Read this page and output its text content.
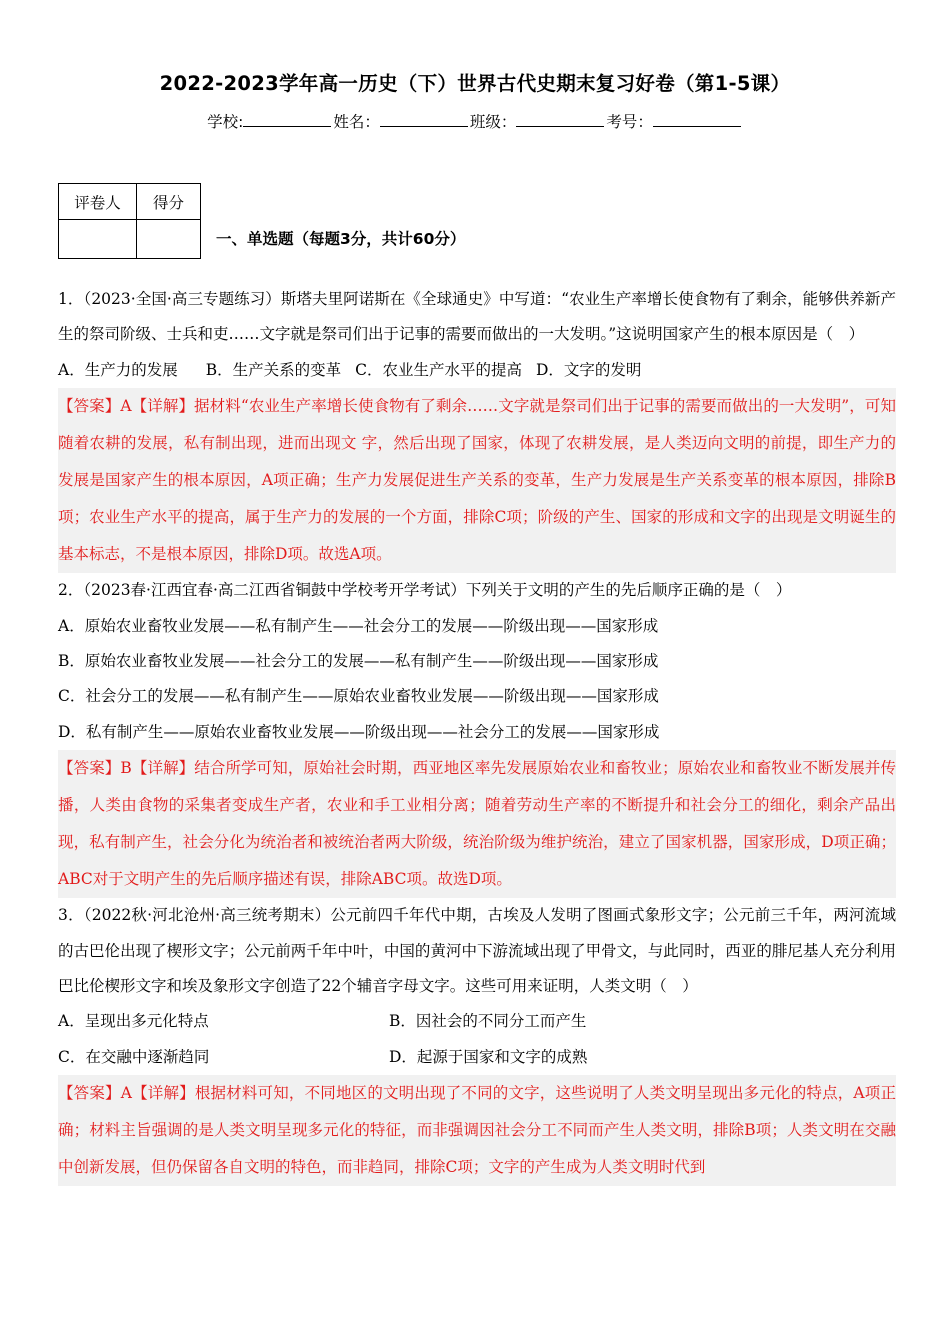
2022-2023学年高一历史（下）世界古代史期末复习好卷（第1-5课）
学校:	姓名：	班级：	考号：
评卷人	得分

一、单选题（每题3分，共计60分）

1．（2023·全国·高三专题练习）斯塔夫里阿诺斯在《全球通史》中写道：“农业生产率增长使食物有了剩余，能够供养新产生的祭司阶级、士兵和吏……文字就是祭司们出于记事的需要而做出的一大发明。”这说明国家产生的根本原因是（　）

A．生产力的发展 B．生产关系的变革 C．农业生产水平的提高 D．文字的发明

【答案】A【详解】据材料“农业生产率增长使食物有了剩余……文字就是祭司们出于记事的需要而做出的一大发明”，可知随着农耕的发展，私有制出现，进而出现文 字，然后出现了国家，体现了农耕发展，是人类迈向文明的前提，即生产力的发展是国家产生的根本原因，A项正确；生产力发展促进生产关系的变革，生产力发展是生产关系变革的根本原因，排除B项；农业生产水平的提高，属于生产力的发展的一个方面，排除C项；阶级的产生、国家的形成和文字的出现是文明诞生的基本标志，不是根本原因，排除D项。故选A项。

2．（2023春·江西宜春·高二江西省铜鼓中学校考开学考试）下列关于文明的产生的先后顺序正确的是（　）

A．原始农业畜牧业发展——私有制产生——社会分工的发展——阶级出现——国家形成
B．原始农业畜牧业发展——社会分工的发展——私有制产生——阶级出现——国家形成
C．社会分工的发展——私有制产生——原始农业畜牧业发展——阶级出现——国家形成
D．私有制产生——原始农业畜牧业发展——阶级出现——社会分工的发展——国家形成

【答案】B【详解】结合所学可知，原始社会时期，西亚地区率先发展原始农业和畜牧业；原始农业和畜牧业不断发展并传播，人类由食物的采集者变成生产者，农业和手工业相分离；随着劳动生产率的不断提升和社会分工的细化，剩余产品出现，私有制产生，社会分化为统治者和被统治者两大阶级，统治阶级为维护统治，建立了国家机器，国家形成，D项正确；ABC对于文明产生的先后顺序描述有误，排除ABC项。故选D项。

3．（2022秋·河北沧州·高三统考期末）公元前四千年代中期，古埃及人发明了图画式象形文字；公元前三千年，两河流域的古巴伦出现了楔形文字；公元前两千年中叶，中国的黄河中下游流域出现了甲骨文，与此同时，西亚的腓尼基人充分利用巴比伦楔形文字和埃及象形文字创造了22个辅音字母文字。这些可用来证明，人类文明（　）

A．呈现出多元化特点	B．因社会的不同分工而产生
C．在交融中逐渐趋同	D．起源于国家和文字的成熟

【答案】A【详解】根据材料可知，不同地区的文明出现了不同的文字，这些说明了人类文明呈现出多元化的特点，A项正确；材料主旨强调的是人类文明呈现多元化的特征，而非强调因社会分工不同而产生人类文明，排除B项；人类文明在交融中创新发展，但仍保留各自文明的特色，而非趋同，排除C项；文字的产生成为人类文明时代到
